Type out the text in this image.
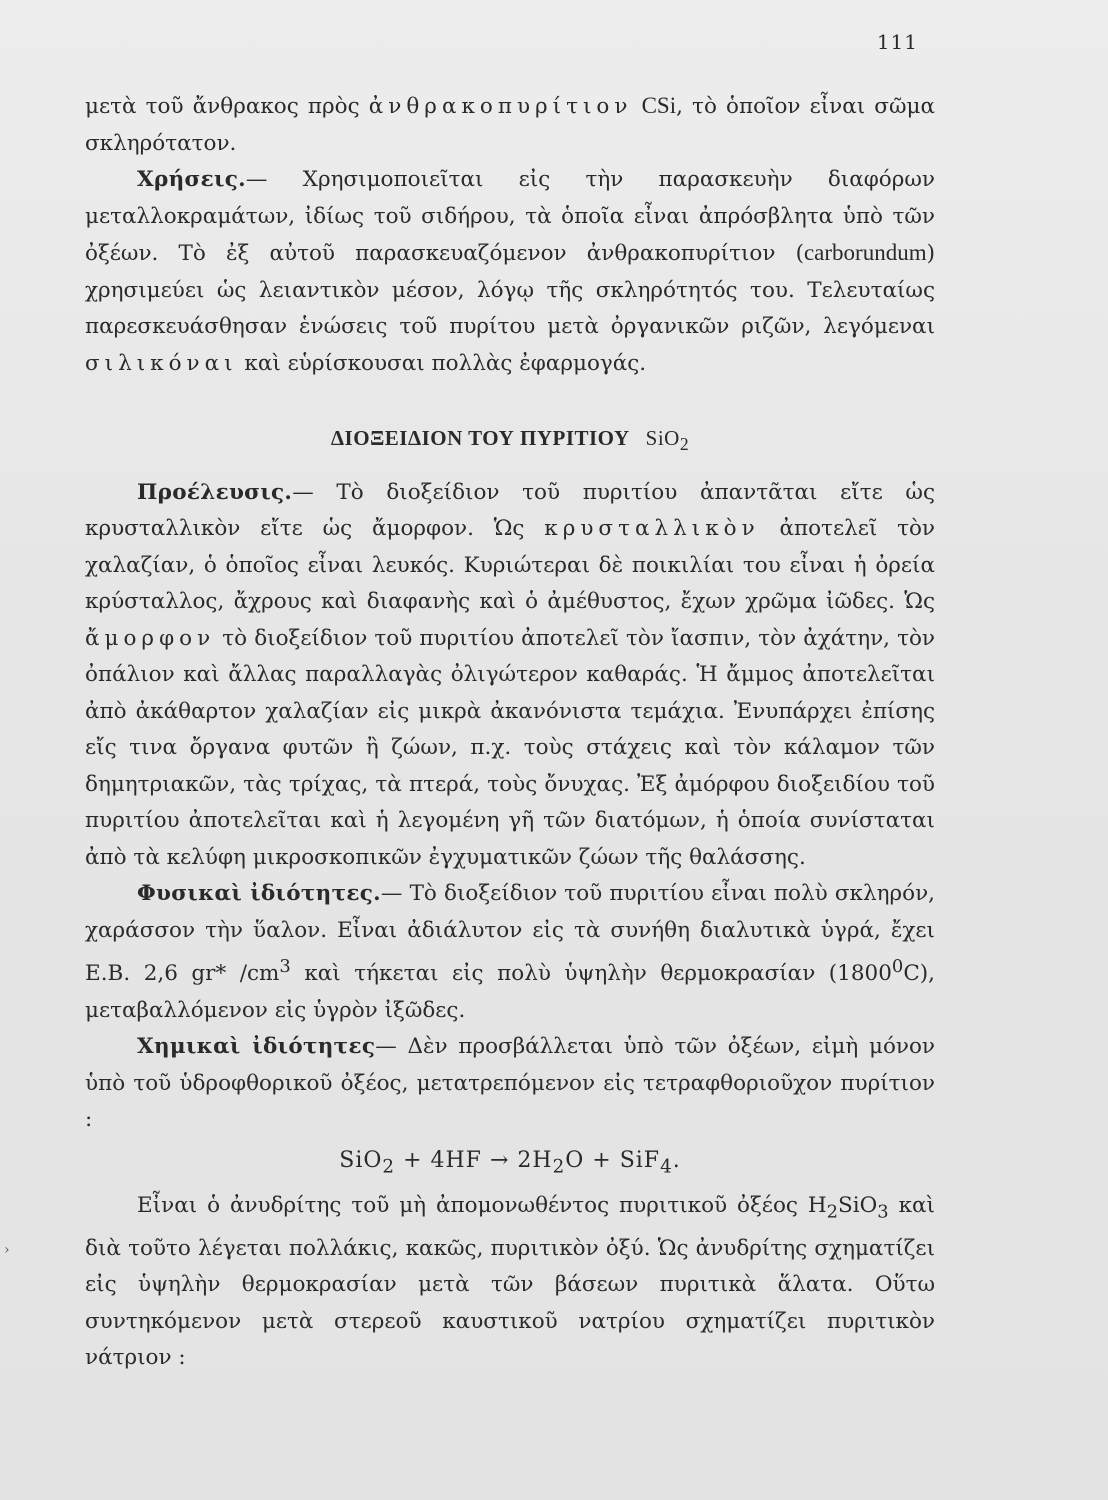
111

μετὰ τοῦ ἄνθρακος πρὸς ἀνθρακοπυρίτιον CSi, τὸ ὁποῖον εἶναι σῶμα σκληρότατον.

Χρήσεις.— Χρησιμοποιεῖται εἰς τὴν παρασκευὴν διαφόρων μεταλλοκραμάτων, ἰδίως τοῦ σιδήρου, τὰ ὁποῖα εἶναι ἀπρόσβλητα ὑπὸ τῶν ὀξέων. Τὸ ἐξ αὐτοῦ παρασκευαζόμενον ἀνθρακοπυρίτιον (carborundum) χρησιμεύει ὡς λειαντικὸν μέσον, λόγῳ τῆς σκληρότητός του. Τελευταίως παρεσκευάσθησαν ἑνώσεις τοῦ πυρίτου μετὰ ὀργανικῶν ριζῶν, λεγόμεναι σιλικόναι καὶ εὑρίσκουσαι πολλὰς ἐφαρμογάς.

ΔΙΟΞΕΙΔΙΟΝ ΤΟΥ ΠΥΡΙΤΙΟΥ SiO$_2$

Προέλευσις.— Τὸ διοξείδιον τοῦ πυριτίου ἀπαντᾶται εἴτε ὡς κρυσταλλικὸν εἴτε ὡς ἄμορφον. Ὡς κρυσταλλικὸν ἀποτελεῖ τὸν χαλαζίαν, ὁ ὁποῖος εἶναι λευκός. Κυριώτεραι δὲ ποικιλίαι του εἶναι ἡ ὀρεία κρύσταλλος, ἄχρους καὶ διαφανὴς καὶ ὁ ἀμέθυστος, ἔχων χρῶμα ἰῶδες. Ὡς ἄμορφον τὸ διοξείδιον τοῦ πυριτίου ἀποτελεῖ τὸν ἴασπιν, τὸν ἀχάτην, τὸν ὀπάλιον καὶ ἄλλας παραλλαγὰς ὀλιγώτερον καθαράς. Ἡ ἄμμος ἀποτελεῖται ἀπὸ ἀκάθαρτον χαλαζίαν εἰς μικρὰ ἀκανόνιστα τεμάχια. Ἐνυπάρχει ἐπίσης εἴς τινα ὄργανα φυτῶν ἢ ζώων, π.χ. τοὺς στάχεις καὶ τὸν κάλαμον τῶν δημητριακῶν, τὰς τρίχας, τὰ πτερά, τοὺς ὄνυχας. Ἐξ ἀμόρφου διοξειδίου τοῦ πυριτίου ἀποτελεῖται καὶ ἡ λεγομένη γῆ τῶν διατόμων, ἡ ὁποία συνίσταται ἀπὸ τὰ κελύφη μικροσκοπικῶν ἐγχυματικῶν ζώων τῆς θαλάσσης.

Φυσικαὶ ἰδιότητες.— Τὸ διοξείδιον τοῦ πυριτίου εἶναι πολὺ σκληρόν, χαράσσον τὴν ὕαλον. Εἶναι ἀδιάλυτον εἰς τὰ συνήθη διαλυτικὰ ὑγρά, ἔχει Ε.Β. 2,6 gr* $/cm^3$ καὶ τήκεται εἰς πολὺ ὑψηλὴν θερμοκρασίαν (1800$^0$C), μεταβαλλόμενον εἰς ὑγρὸν ἰξῶδες.

Χημικαὶ ἰδιότητες— Δὲν προσβάλλεται ὑπὸ τῶν ὀξέων, εἰμὴ μόνον ὑπὸ τοῦ ὑδροφθορικοῦ ὀξέος, μετατρεπόμενον εἰς τετραφθοριοῦχον πυρίτιον :

$SiO_2 + 4HF \to 2H_2O + SiF_4$.

Εἶναι ὁ ἀνυδρίτης τοῦ μὴ ἀπομονωθέντος πυριτικοῦ ὀξέος $H_2SiO_3$ καὶ διὰ τοῦτο λέγεται πολλάκις, κακῶς, πυριτικὸν ὀξύ. Ὡς ἀνυδρίτης σχηματίζει εἰς ὑψηλὴν θερμοκρασίαν μετὰ τῶν βάσεων πυριτικὰ ἅλατα. Οὕτω συντηκόμενον μετὰ στερεοῦ καυστικοῦ νατρίου σχηματίζει πυριτικὸν νάτριον :

›
